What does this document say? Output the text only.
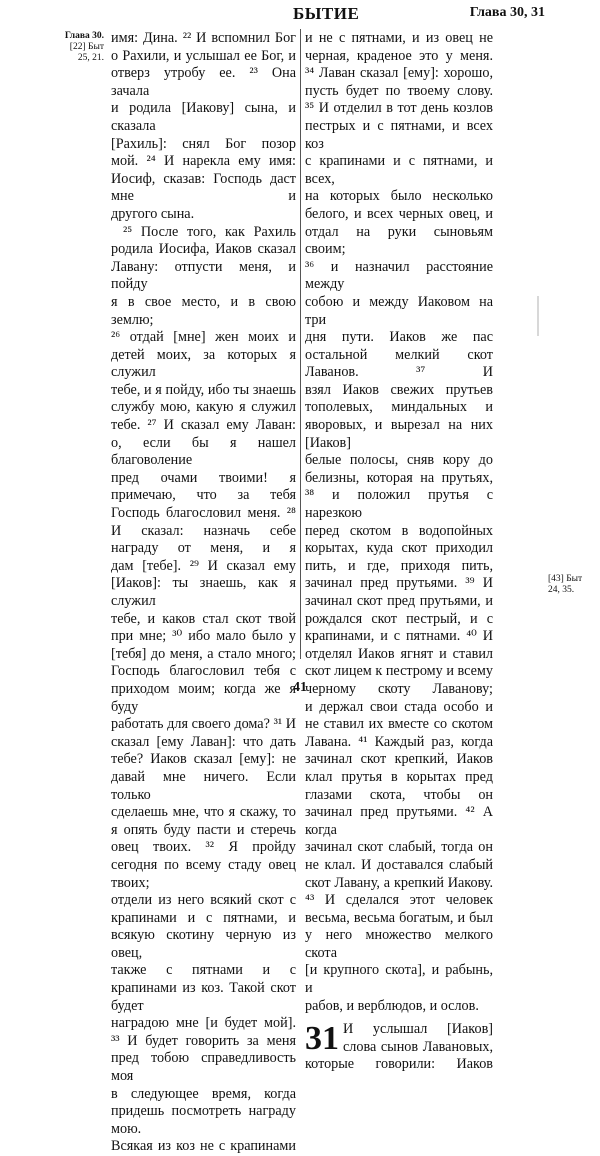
БЫТИЕ	Глава 30, 31
Глава 30.
[22] Быт
25, 21.
[43] Быт
24, 35.
имя: Дина. ²² И вспомнил Бог
о Рахили, и услышал ее Бог, и
отверз утробу ее. ²³ Она зачала
и родила [Иакову] сына, и сказала
[Рахиль]: снял Бог позор
мой. ²⁴ И нарекла ему имя: Иосиф, сказав: Господь даст мне и
другого сына.
²⁵ После того, как Рахиль
родила Иосифа, Иаков сказал
Лавану: отпусти меня, и пойду
я в свое место, и в свою землю;
²⁶ отдай [мне] жен моих и детей моих, за которых я служил
тебе, и я пойду, ибо ты знаешь
службу мою, какую я служил
тебе. ²⁷ И сказал ему Лаван:
о, если бы я нашел благоволение
пред очами твоими! я примечаю, что за тебя Господь благословил меня. ²⁸ И сказал: назначь себе награду от меня, и я
дам [тебе]. ²⁹ И сказал ему [Иаков]: ты знаешь, как я служил
тебе, и каков стал скот твой
при мне; ³⁰ ибо мало было у
[тебя] до меня, а стало много; Господь благословил тебя с приходом моим; когда же я буду
работать для своего дома? ³¹ И
сказал [ему Лаван]: что дать
тебе? Иаков сказал [ему]: не
давай мне ничего. Если только
сделаешь мне, что я скажу, то
я опять буду пасти и стеречь
овец твоих. ³² Я пройду сегодня по всему стаду овец твоих;
отдели из него всякий скот с
крапинами и с пятнами, и
всякую скотину черную из овец,
также с пятнами и с крапинами из коз. Такой скот будет
наградою мне [и будет мой].
³³ И будет говорить за меня
пред тобою справедливость моя
в следующее время, когда
придешь посмотреть награду мою.
Всякая из коз не с крапинами
и не с пятнами, и из овец не
черная, краденое это у меня.
³⁴ Лаван сказал [ему]: хорошо,
пусть будет по твоему слову.
³⁵ И отделил в тот день козлов
пестрых и с пятнами, и всех коз
с крапинами и с пятнами, и всех,
на которых было несколько белого, и всех черных овец, и отдал на руки сыновьям своим;
³⁶ и назначил расстояние между
собою и между Иаковом на три
дня пути. Иаков же пас остальной мелкий скот Лаванов. ³⁷ И
взял Иаков свежих прутьев тополевых, миндальных и яворовых, и вырезал на них [Иаков]
белые полосы, сняв кору до
белизны, которая на прутьях,
³⁸ и положил прутья с нарезкою
перед скотом в водопойных корытах, куда скот приходил
пить, и где, приходя пить, зачинал пред прутьями. ³⁹ И
зачинал скот пред прутьями, и
рождался скот пестрый, и с
крапинами, и с пятнами. ⁴⁰ И
отделял Иаков ягнят и ставил
скот лицем к пестрому и всему черному скоту Лаванову;
и держал свои стада особо и
не ставил их вместе со скотом
Лавана. ⁴¹ Каждый раз, когда
зачинал скот крепкий, Иаков
клал прутья в корытах пред
глазами скота, чтобы он зачинал пред прутьями. ⁴² А когда
зачинал скот слабый, тогда он
не клал. И доставался слабый
скот Лавану, а крепкий Иакову. ⁴³ И сделался этот человек
весьма, весьма богатым, и был
у него множество мелкого скота
[и крупного скота], и рабынь, и
рабов, и верблюдов, и ослов.
31 И услышал [Иаков]
слова сынов Лавановых,
которые говорили: Иаков
41
